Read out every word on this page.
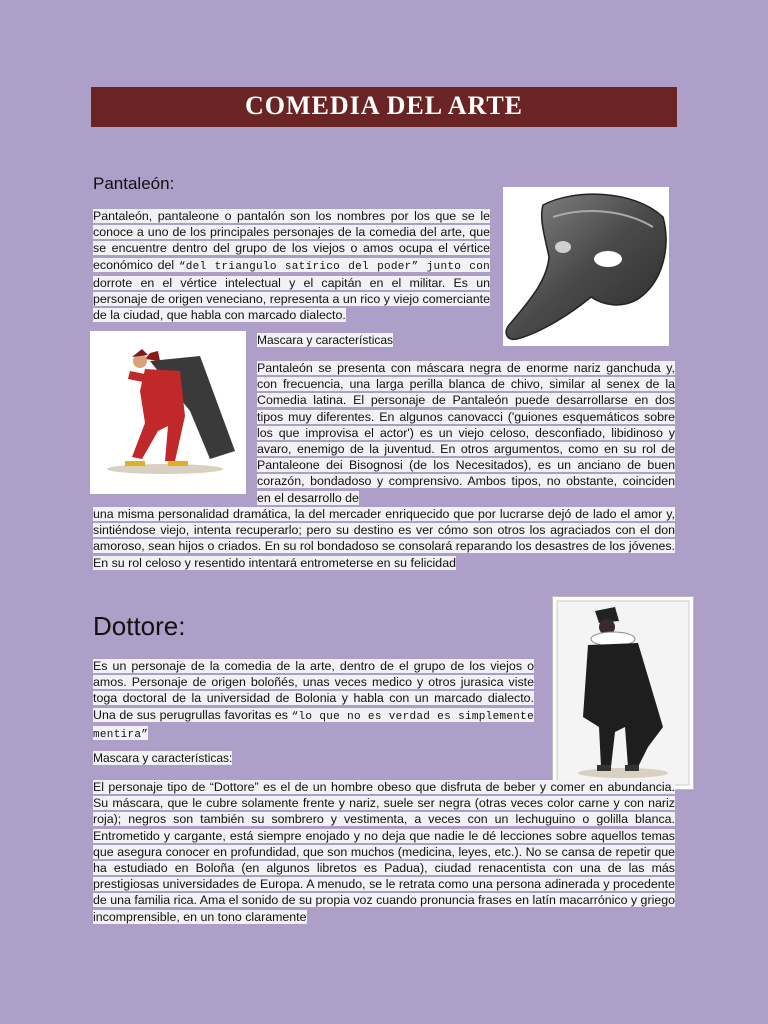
COMEDIA DEL ARTE
Pantaleón:
Pantaleón, pantaleone o pantalón son los nombres por los que se le conoce a uno de los principales personajes de la comedia del arte, que se encuentre dentro del grupo de los viejos o amos ocupa el vértice económico del “del triangulo satírico del poder” junto con dorrote en el vértice intelectual y el capitán en el militar. Es un personaje de origen veneciano, representa a un rico y viejo comerciante de la ciudad, que habla con marcado dialecto.
Mascara y características
Pantaleón se presenta con máscara negra de enorme nariz ganchuda y, con frecuencia, una larga perilla blanca de chivo, similar al senex de la Comedia latina. El personaje de Pantaleón puede desarrollarse en dos tipos muy diferentes. En algunos canovacci ('guiones esquemáticos sobre los que improvisa el actor') es un viejo celoso, desconfiado, libidinoso y avaro, enemigo de la juventud. En otros argumentos, como en su rol de Pantaleone dei Bisognosi (de los Necesitados), es un anciano de buen corazón, bondadoso y comprensivo. Ambos tipos, no obstante, coinciden en el desarrollo de
una misma personalidad dramática, la del mercader enriquecido que por lucrarse dejó de lado el amor y, sintiéndose viejo, intenta recuperarlo; pero su destino es ver cómo son otros los agraciados con el don amoroso, sean hijos o criados. En su rol bondadoso se consolará reparando los desastres de los jóvenes. En su rol celoso y resentido intentará entrometerse en su felicidad
Dottore:
Es un personaje de la comedia de la arte, dentro de el grupo de los viejos o amos. Personaje de origen boloñés, unas veces medico y otros jurasica viste toga doctoral de la universidad de Bolonia y habla con un marcado dialecto. Una de sus perugrullas favoritas es “lo que no es verdad es simplemente mentira”
Mascara y características:
El personaje tipo de “Dottore” es el de un hombre obeso que disfruta de beber y comer en abundancia. Su máscara, que le cubre solamente frente y nariz, suele ser negra (otras veces color carne y con nariz roja); negros son también su sombrero y vestimenta, a veces con un lechuguino o golilla blanca. Entrometido y cargante, está siempre enojado y no deja que nadie le dé lecciones sobre aquellos temas que asegura conocer en profundidad, que son muchos (medicina, leyes, etc.). No se cansa de repetir que ha estudiado en Boloña (en algunos libretos es Padua), ciudad renacentista con una de las más prestigiosas universidades de Europa. A menudo, se le retrata como una persona adinerada y procedente de una familia rica. Ama el sonido de su propia voz cuando pronuncia frases en latín macarrónico y griego incomprensible, en un tono claramente
